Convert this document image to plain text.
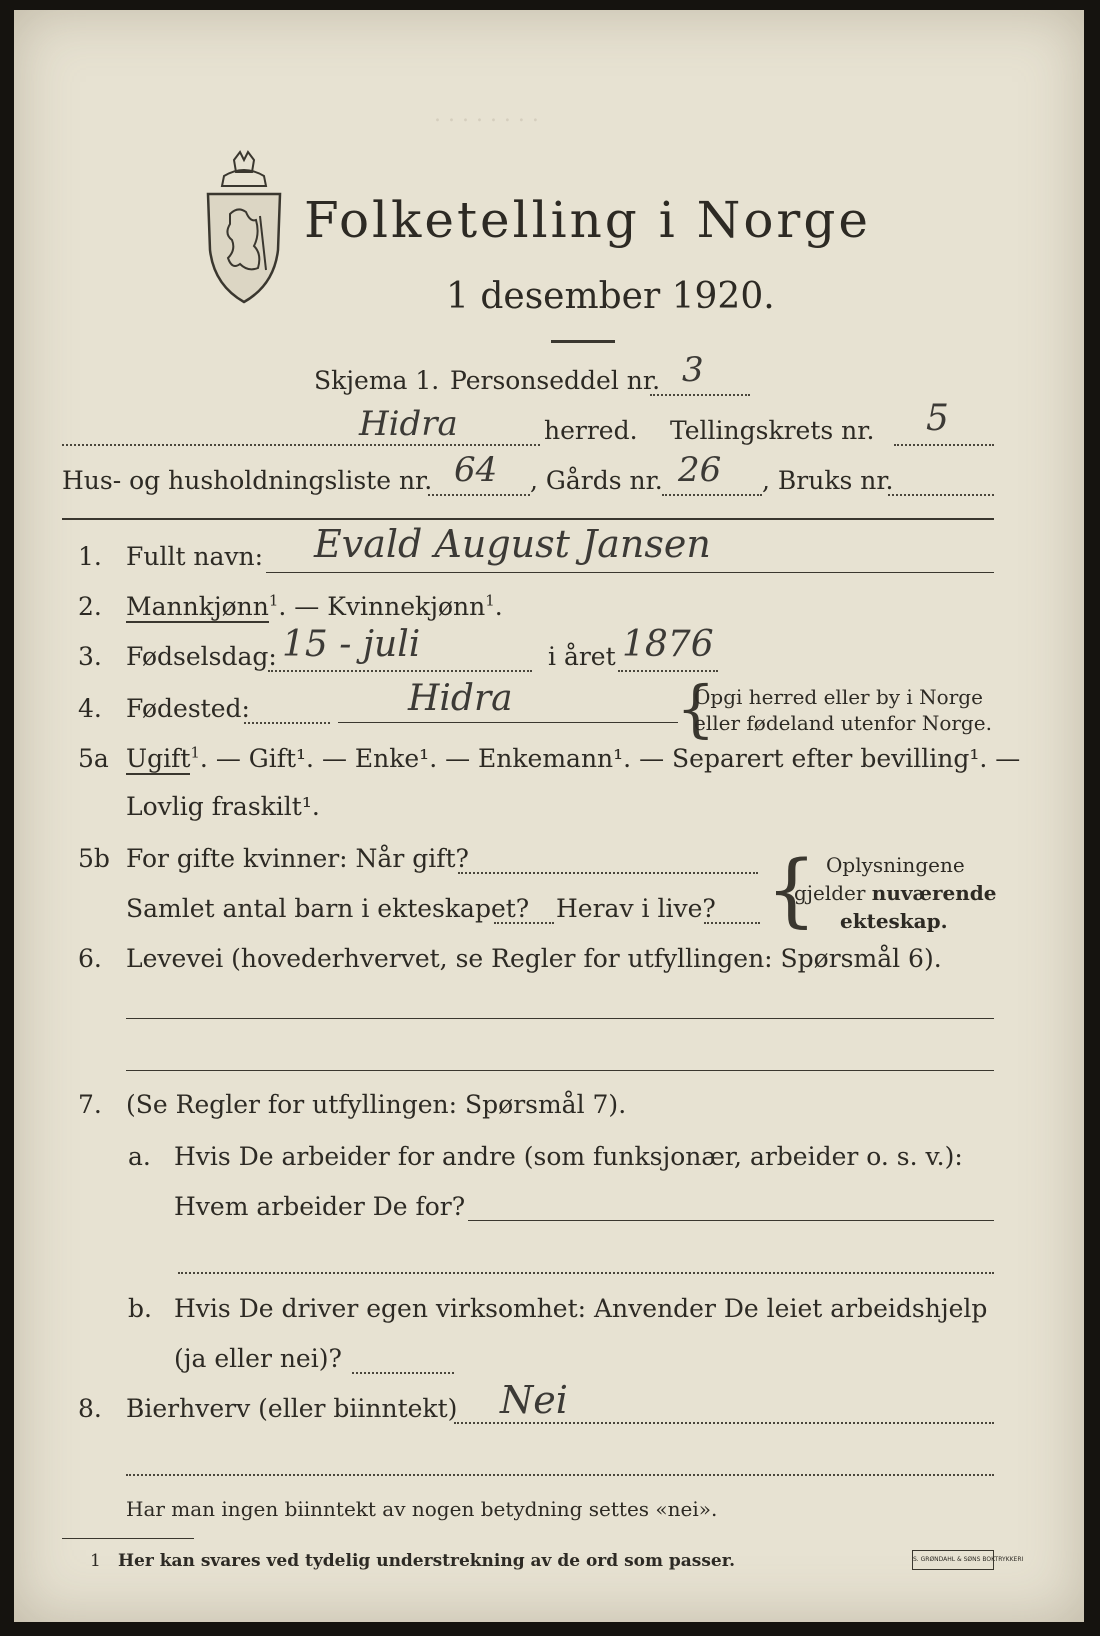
. . . . . . . .
Folketelling i Norge
1 desember 1920.
Skjema 1. Personseddel nr. 3
Hidra	herred. Tellingskrets nr. 5
Hus- og husholdningsliste nr. 64 , Gårds nr. 26 , Bruks nr.
1. Fullt navn: Evald August Jansen
2. Mannkjønn$^1$. — Kvinnekjønn$^1$.
3. Fødselsdag: 15 - juli	i året 1876
4. Fødested:	Hidra	{
Opgi herred eller by i Norge
eller fødeland utenfor Norge.
5a Ugift$^1$. — Gift¹. — Enke¹. — Enkemann¹. — Separert efter bevilling¹. —
Lovlig fraskilt¹.
5b For gifte kvinner: Når gift?
Samlet antal barn i ekteskapet? Herav i live? { Oplysningene
gjelder nuværende
ekteskap.
6. Levevei (hovederhvervet, se Regler for utfyllingen: Spørsmål 6).
7. (Se Regler for utfyllingen: Spørsmål 7).
a. Hvis De arbeider for andre (som funksjonær, arbeider o. s. v.):
Hvem arbeider De for?
b. Hvis De driver egen virksomhet: Anvender De leiet arbeidshjelp
(ja eller nei)?
8. Bierhverv (eller biinntekt) Nei
Har man ingen biinntekt av nogen betydning settes «nei».
1 Her kan svares ved tydelig understrekning av de ord som passer.	S. GRØNDAHL & SØNS BOKTRYKKERI
